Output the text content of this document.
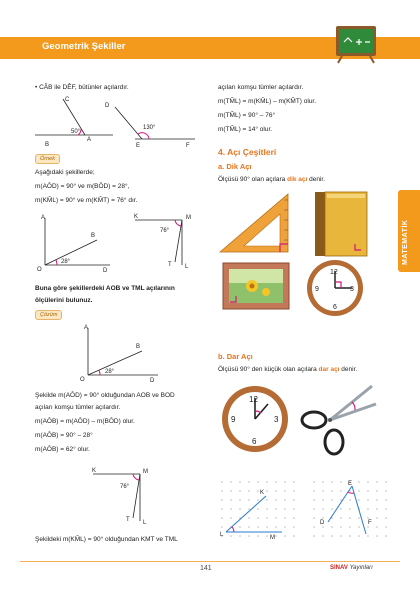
Geometrik Şekiller
MATEMATİK
• CÂB ile DÊF, bütünler açılardır.
C
A
B
50°
D
E	F
130°
Örnek
Aşağıdaki şekillerde;
m(AÔD) = 90° ve m(BÔD) = 28°,
m(KM̂L) = 90° ve m(KM̂T) = 76° dır.
A
B
O	D
28°
K	M
T L
76°
Buna göre şekillerdeki AOB ve TML açılarının
ölçülerini bulunuz.
Çözüm
A
B
O	D
28°
Şekilde m(AÔD) = 90° olduğundan AOB ve BOD
açıları komşu tümler açılardır.
m(AÔB) = m(AÔD) – m(BÔD) olur.
m(AÔB) = 90° – 28°
m(AÔB) = 62° olur.
K	M
T L
76°
Şekildeki m(KM̂L) = 90° olduğundan KMT ve TML
açıları komşu tümler açılardır.
m(TM̂L) = m(KM̂L) – m(KM̂T) olur.
m(TM̂L) = 90° – 76°
m(TM̂L) = 14° olur.
4. Açı Çeşitleri
a. Dik Açı
Ölçüsü 90° olan açılara dik açı denir.
12
9	3
6
b. Dar Açı
Ölçüsü 90° den küçük olan açılara dar açı denir.
12
9	3
6
K
M
L
E
D	F
141	SINAV Yayınları
